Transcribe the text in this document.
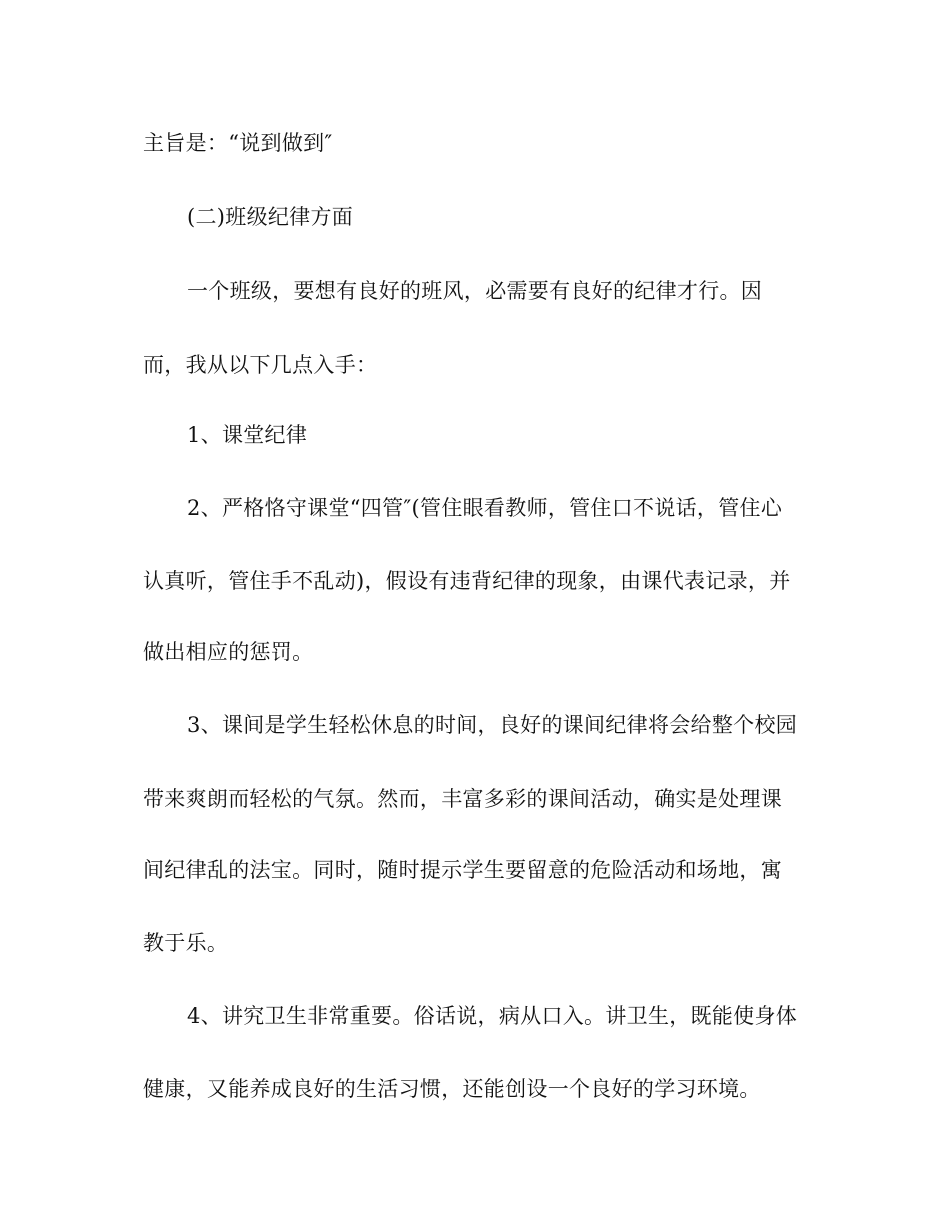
主旨是：“说到做到″
(二)班级纪律方面
一个班级，要想有良好的班风，必需要有良好的纪律才行。因
而，我从以下几点入手：
1、课堂纪律
2、严格恪守课堂“四管″(管住眼看教师，管住口不说话，管住心
认真听，管住手不乱动)，假设有违背纪律的现象，由课代表记录，并
做出相应的惩罚。
3、课间是学生轻松休息的时间，良好的课间纪律将会给整个校园
带来爽朗而轻松的气氛。然而，丰富多彩的课间活动，确实是处理课
间纪律乱的法宝。同时，随时提示学生要留意的危险活动和场地，寓
教于乐。
4、讲究卫生非常重要。俗话说，病从口入。讲卫生，既能使身体
健康，又能养成良好的生活习惯，还能创设一个良好的学习环境。
